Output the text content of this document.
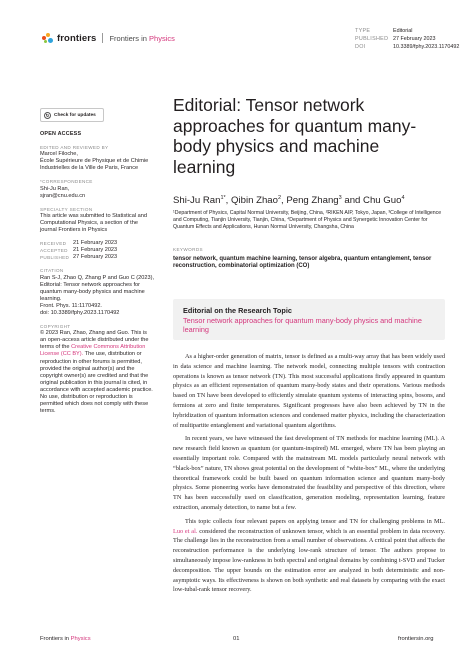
frontiers Frontiers in Physics
TYPE	Editorial
PUBLISHED 27 February 2023
DOI	10.3389/fphy.2023.1170492
↻ Check for updates
OPEN ACCESS
EDITED AND REVIEWED BY
Marcel Filoche,
École Supérieure de Physique et de Chimie Industrielles de la Ville de Paris, France
*CORRESPONDENCE
Shi-Ju Ran,
sjran@cnu.edu.cn
SPECIALTY SECTION
This article was submitted to Statistical and Computational Physics, a section of the journal Frontiers in Physics
RECEIVED	21 February 2023
ACCEPTED 21 February 2023
PUBLISHED 27 February 2023
CITATION
Ran S-J, Zhao Q, Zhang P and Guo C (2023), Editorial: Tensor network approaches for quantum many-body physics and machine learning.
Front. Phys. 11:1170492.
doi: 10.3389/fphy.2023.1170492
COPYRIGHT
© 2023 Ran, Zhao, Zhang and Guo. This is an open-access article distributed under the terms of the Creative Commons Attribution License (CC BY). The use, distribution or reproduction in other forums is permitted, provided the original author(s) and the copyright owner(s) are credited and that the original publication in this journal is cited, in accordance with accepted academic practice. No use, distribution or reproduction is permitted which does not comply with these terms.
Editorial: Tensor network approaches for quantum many-body physics and machine learning
Shi-Ju Ran$^{1*}$, Qibin Zhao$^2$, Peng Zhang$^3$ and Chu Guo$^4$
¹Department of Physics, Capital Normal University, Beijing, China, ²RIKEN AIP, Tokyo, Japan, ³College of Intelligence and Computing, Tianjin University, Tianjin, China, ⁴Department of Physics and Synergetic Innovation Center for Quantum Effects and Applications, Hunan Normal University, Changsha, China
KEYWORDS
tensor network, quantum machine learning, tensor algebra, quantum entanglement, tensor reconstruction, combinatorial optimization (CO)
Editorial on the Research Topic
Tensor network approaches for quantum many-body physics and machine learning

As a higher-order generation of matrix, tensor is defined as a multi-way array that has been widely used in data science and machine learning. The network model, connecting multiple tensors with contraction operations is known as tensor network (TN). This most successful applications firstly appeared in quantum physics as an efficient representation of quantum many-body states and their operations. Various methods based on TN have been developed to efficiently simulate quantum systems of interacting spins, bosons, and fermions at zero and finite temperatures. Significant progresses have also been achieved by TN in the hybridization of quantum information sciences and condensed matter physics, including the characterization of multipartite entanglement and variational quantum algorithms.

In recent years, we have witnessed the fast development of TN methods for machine learning (ML). A new research field known as quantum (or quantum-inspired) ML emerged, where TN has been playing an essentially important role. Compared with the mainstream ML models particularly neural network with “black-box” nature, TN shows great potential on the development of “white-box” ML, where the underlying theoretical framework could be built based on quantum information science and quantum many-body physics. Some pioneering works have demonstrated the feasibility and perspective of this direction, where TN has been successfully used on classification, generation modeling, representation learning, feature extraction, anomaly detection, to name but a few.

This topic collects four relevant papers on applying tensor and TN for challenging problems in ML. Luo et al. considered the reconstruction of unknown tensor, which is an essential problem in data recovery. The challenge lies in the reconstruction from a small number of observations. A critical point that affects the reconstruction performance is the underlying low-rank structure of tensor. The authors propose to simultaneously impose low-rankness in both spectral and original domains by combining t-SVD and Tucker decomposition. The upper bounds on the estimation error are analyzed in both deterministic and non-asymptotic ways. Its effectiveness is shown on both synthetic and real datasets by comparing with the exact low-tubal-rank tensor recovery.

Frontiers in Physics	01	frontiersin.org
